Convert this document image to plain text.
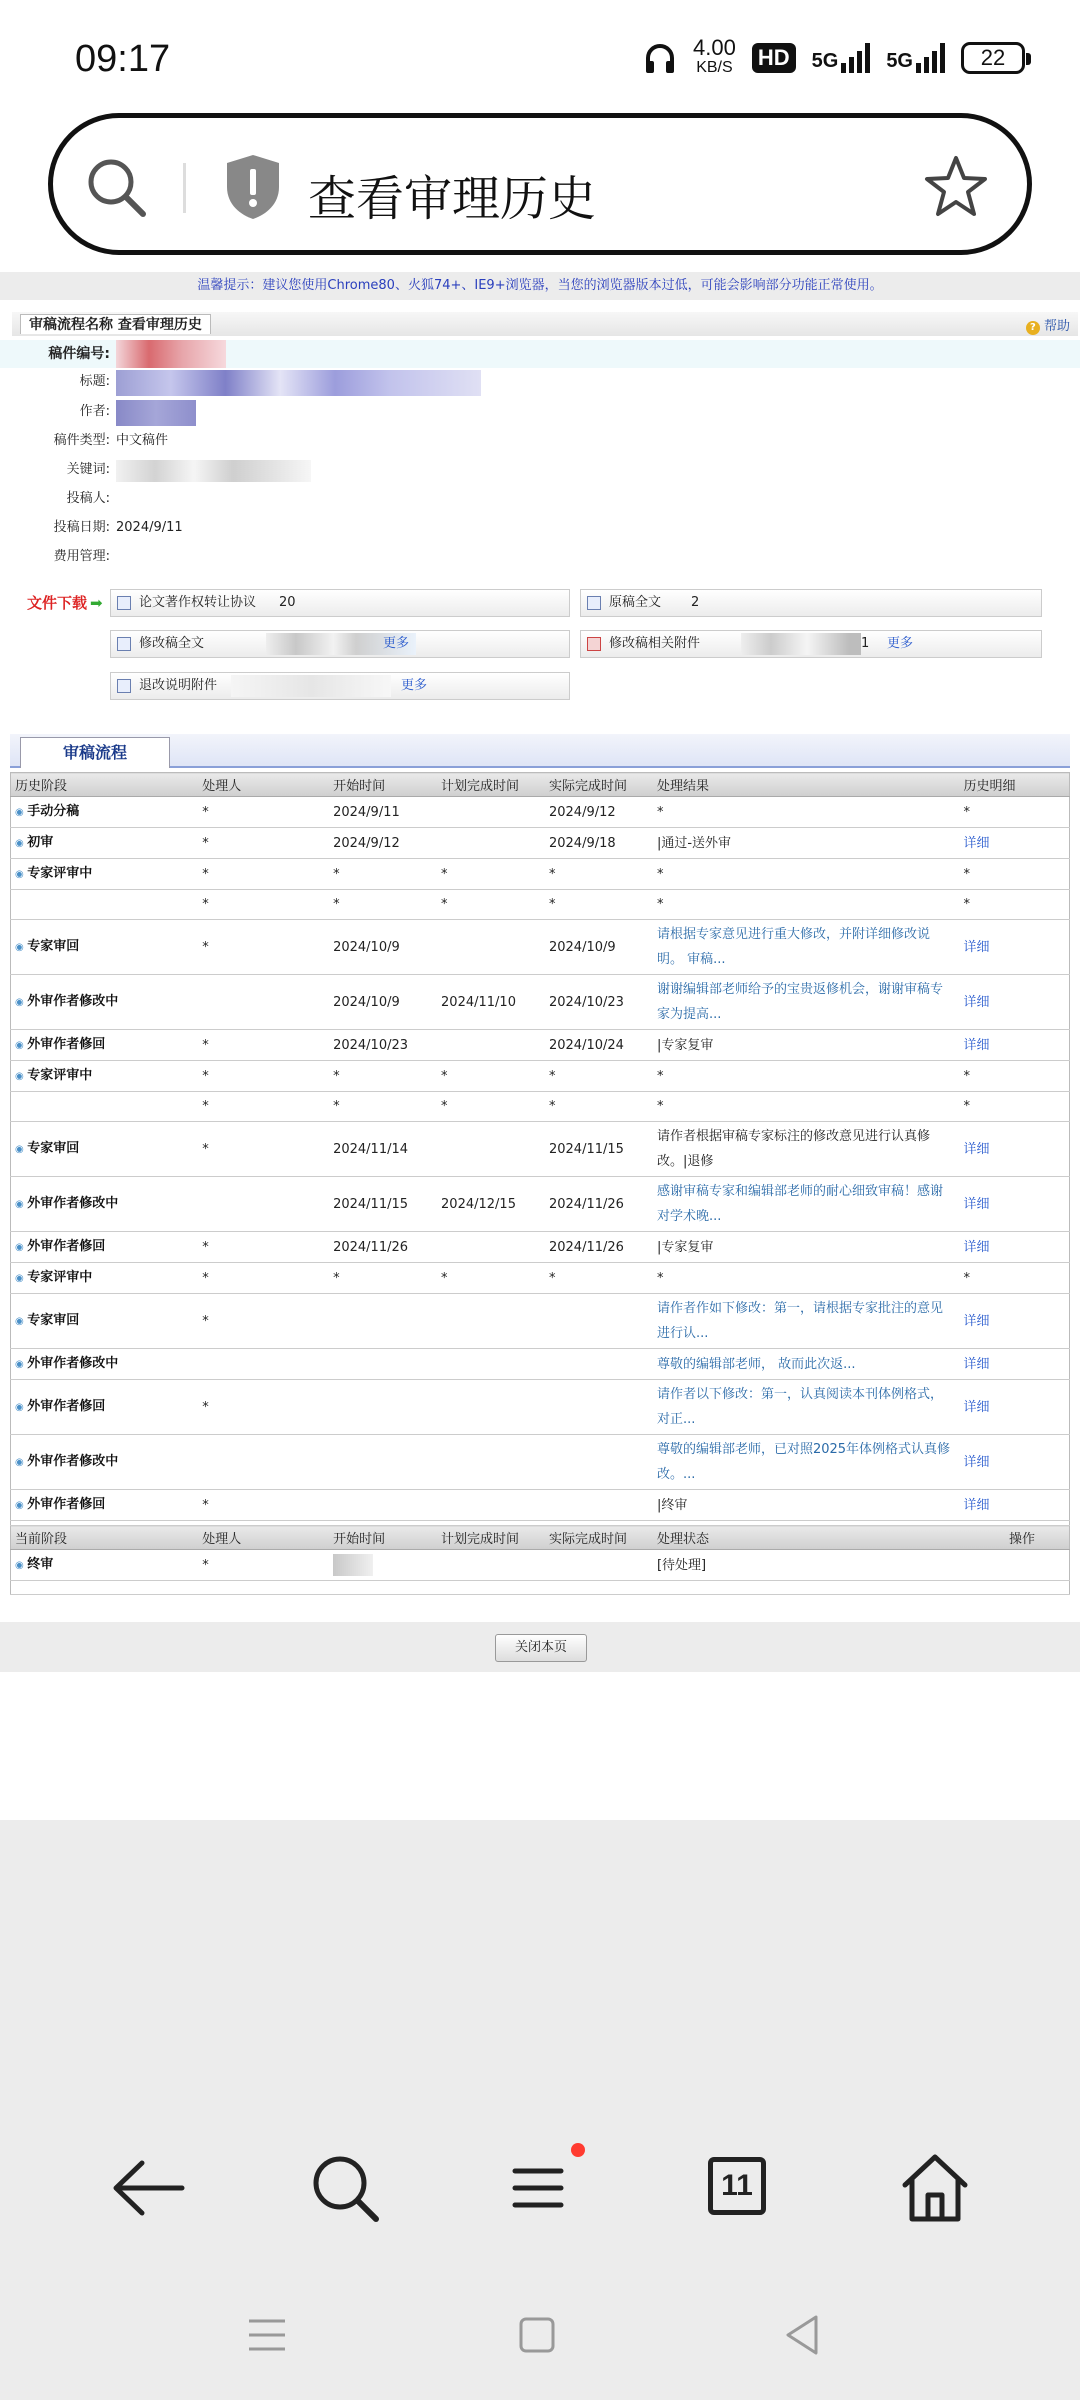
09:17	4.00
KB/S HD	5G 5G	22
查看审理历史
温馨提示：建议您使用Chrome80、火狐74+、IE9+浏览器，当您的浏览器版本过低，可能会影响部分功能正常使用。
审稿流程名称 查看审理历史	? 帮助
稿件编号:
标题:
作者:
稿件类型: 中文稿件
关键词:
投稿人:
投稿日期: 2024/9/11
费用管理:
文件下载 ➡	论文著作权转让协议 20	原稿全文 2
修改稿全文	更多	修改稿相关附件	1 更多
退改说明附件	更多
审稿流程
历史阶段	处理人	开始时间	计划完成时间	实际完成时间	处理结果	历史明细
◉ 手动分稿	*	2024/9/11		2024/9/12	*	*
◉ 初审	*	2024/9/12		2024/9/18	|通过-送外审	详细
◉ 专家评审中	*	*	*	*	*	*
	*	*	*	*	*	*
◉ 专家审回	*	2024/10/9		2024/10/9	请根据专家意见进行重大修改，并附详细修改说明。 审稿...	详细
◉ 外审作者修改中		2024/10/9	2024/11/10	2024/10/23	谢谢编辑部老师给予的宝贵返修机会，谢谢审稿专家为提高...	详细
◉ 外审作者修回	*	2024/10/23		2024/10/24	|专家复审	详细
◉ 专家评审中	*	*	*	*	*	*
	*	*	*	*	*	*
◉ 专家审回	*	2024/11/14		2024/11/15	请作者根据审稿专家标注的修改意见进行认真修改。|退修	详细
◉ 外审作者修改中		2024/11/15	2024/12/15	2024/11/26	感谢审稿专家和编辑部老师的耐心细致审稿！感谢对学术晚...	详细
◉ 外审作者修回	*	2024/11/26		2024/11/26	|专家复审	详细
◉ 专家评审中	*	*	*	*	*	*
◉ 专家审回	*				请作者作如下修改：第一，请根据专家批注的意见进行认...	详细
◉ 外审作者修改中					尊敬的编辑部老师， 故而此次返...	详细
◉ 外审作者修回	*				请作者以下修改：第一，认真阅读本刊体例格式，对正...	详细
◉ 外审作者修改中					尊敬的编辑部老师，已对照2025年体例格式认真修改。...	详细
◉ 外审作者修回	*				|终审	详细

当前阶段	处理人	开始时间	计划完成时间	实际完成时间	处理状态	操作
◉ 终审	*				[待处理]	

关闭本页
11
